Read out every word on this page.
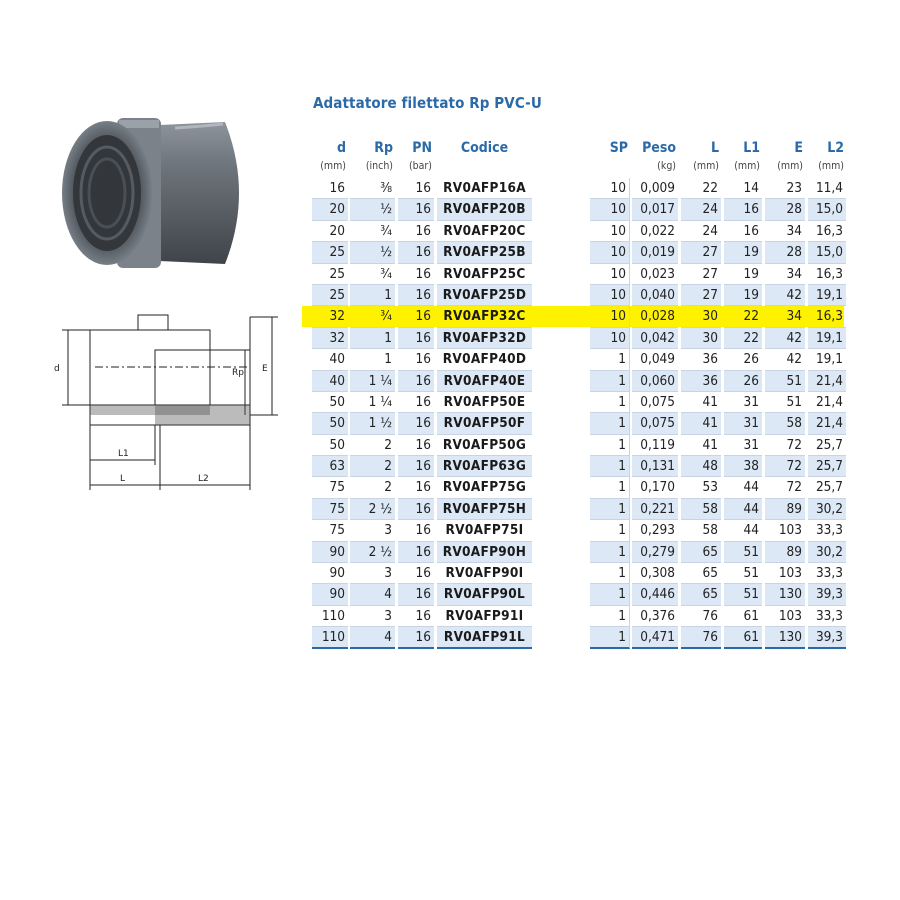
Adattatore filettato Rp PVC-U
d	Rp E
L1
L	L2
d
(mm)
16
20
20
25
25
25
32
32
40
40
50
50
50
63
75
75
75
90
90
90
110
110
Rp
(inch)
⅜
½
¾
½
¾
1
¾
1
1
1 ¼
1 ¼
1 ½
2
2
2
2 ½
3
2 ½
3
4
3
4
PN
(bar)
16
16
16
16
16
16
16
16
16
16
16
16
16
16
16
16
16
16
16
16
16
16
Codice
RV0AFP16A
RV0AFP20B
RV0AFP20C
RV0AFP25B
RV0AFP25C
RV0AFP25D
RV0AFP32C
RV0AFP32D
RV0AFP40D
RV0AFP40E
RV0AFP50E
RV0AFP50F
RV0AFP50G
RV0AFP63G
RV0AFP75G
RV0AFP75H
RV0AFP75I
RV0AFP90H
RV0AFP90I
RV0AFP90L
RV0AFP91I
RV0AFP91L
SP
10
10
10
10
10
10
10
10
1
1
1
1
1
1
1
1
1
1
1
1
1
1
Peso
(kg)
0,009
0,017
0,022
0,019
0,023
0,040
0,028
0,042
0,049
0,060
0,075
0,075
0,119
0,131
0,170
0,221
0,293
0,279
0,308
0,446
0,376
0,471
L
(mm)
22
24
24
27
27
27
30
30
36
36
41
41
41
48
53
58
58
65
65
65
76
76
L1
(mm)
14
16
16
19
19
19
22
22
26
26
31
31
31
38
44
44
44
51
51
51
61
61
E
(mm)
23
28
34
28
34
42
34
42
42
51
51
58
72
72
72
89
103
89
103
130
103
130
L2
(mm)
11,4
15,0
16,3
15,0
16,3
19,1
16,3
19,1
19,1
21,4
21,4
21,4
25,7
25,7
25,7
30,2
33,3
30,2
33,3
39,3
33,3
39,3
